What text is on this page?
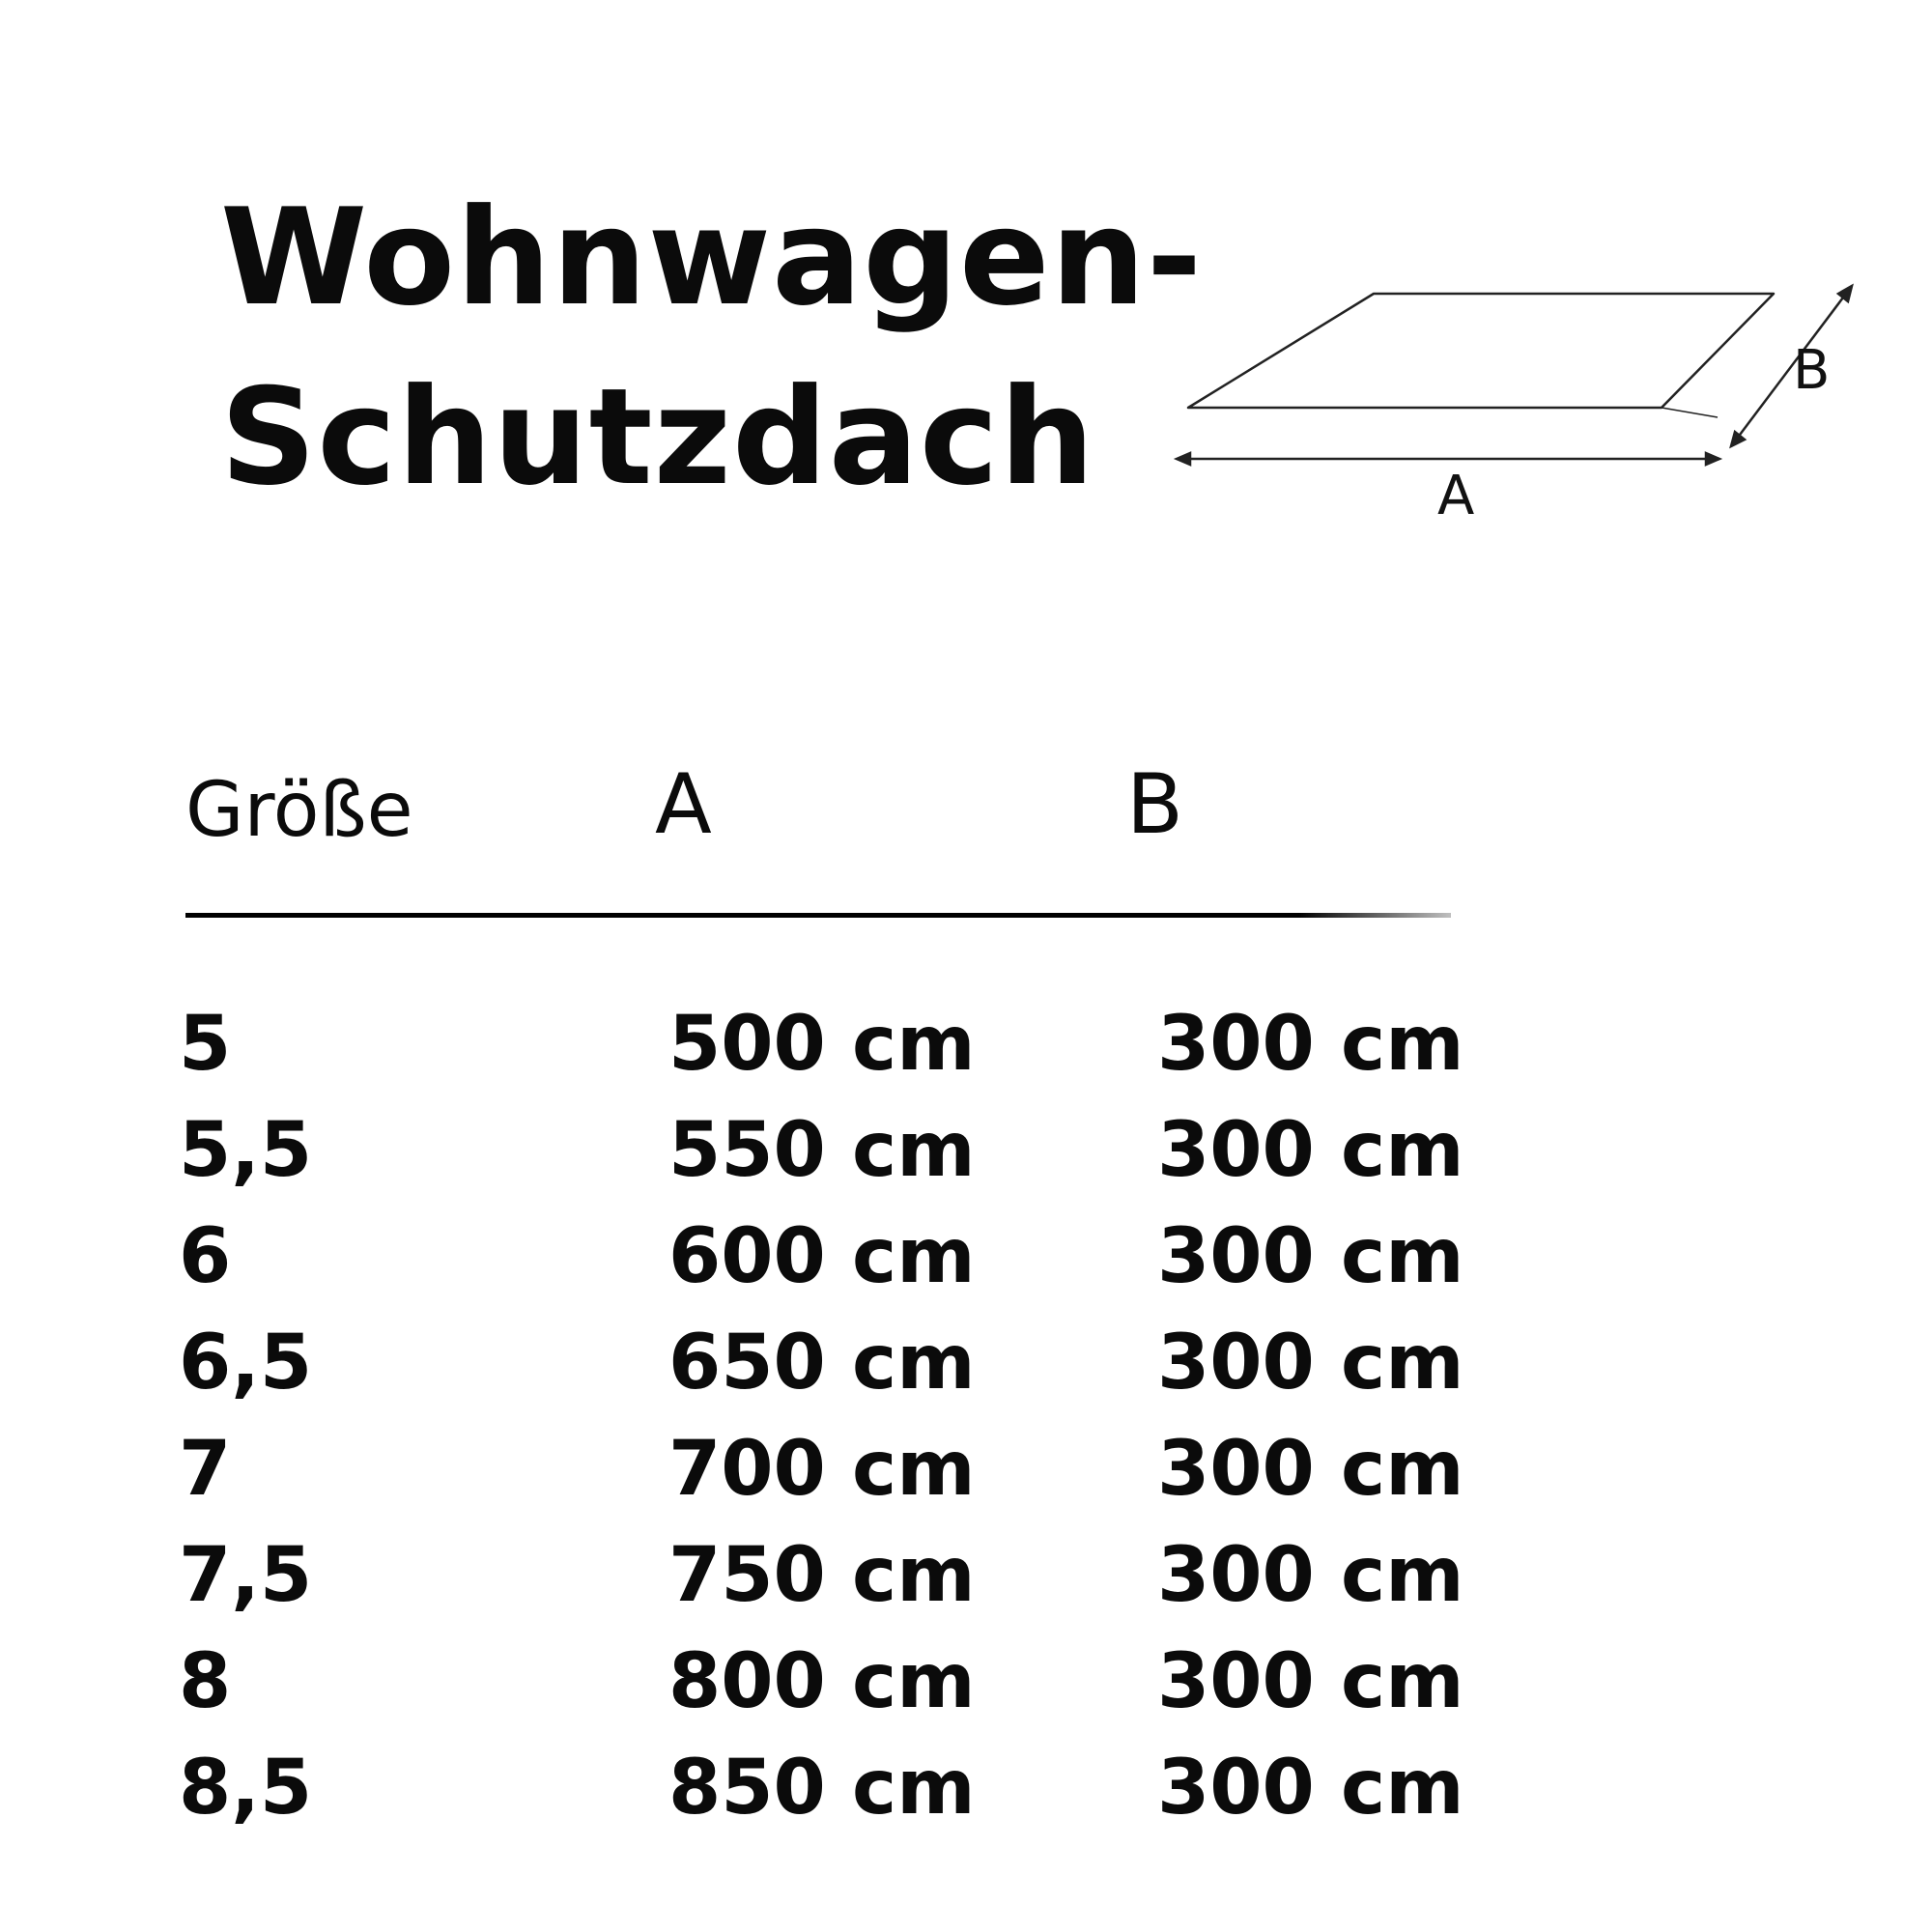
Wohnwagen-
Schutzdach	A
B
Größe	A	B
5	500 cm 300 cm
5,5	550 cm 300 cm
6	600 cm 300 cm
6,5	650 cm 300 cm
7	700 cm 300 cm
7,5	750 cm 300 cm
8	800 cm 300 cm
8,5	850 cm 300 cm
